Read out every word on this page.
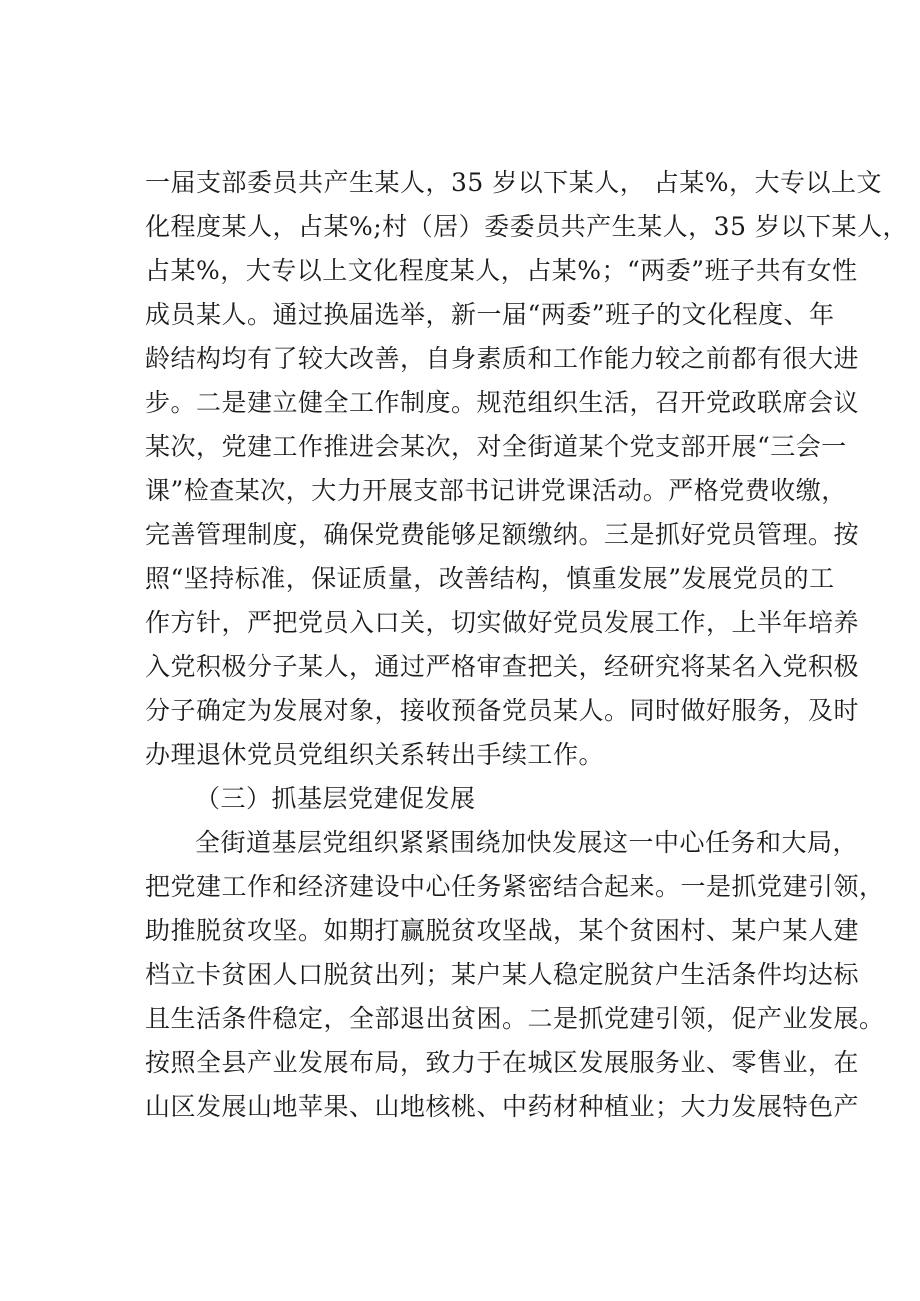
一届支部委员共产生某人，35 岁以下某人， 占某%，大专以上文
化程度某人，占某%;村（居）委委员共产生某人，35 岁以下某人，
占某%，大专以上文化程度某人，占某%；“两委”班子共有女性
成员某人。通过换届选举，新一届“两委”班子的文化程度、年
龄结构均有了较大改善，自身素质和工作能力较之前都有很大进
步。二是建立健全工作制度。规范组织生活，召开党政联席会议
某次，党建工作推进会某次，对全街道某个党支部开展“三会一
课”检查某次，大力开展支部书记讲党课活动。严格党费收缴，
完善管理制度，确保党费能够足额缴纳。三是抓好党员管理。按
照“坚持标准，保证质量，改善结构，慎重发展”发展党员的工
作方针，严把党员入口关，切实做好党员发展工作，上半年培养
入党积极分子某人，通过严格审查把关，经研究将某名入党积极
分子确定为发展对象，接收预备党员某人。同时做好服务，及时
办理退休党员党组织关系转出手续工作。
（三）抓基层党建促发展
全街道基层党组织紧紧围绕加快发展这一中心任务和大局，
把党建工作和经济建设中心任务紧密结合起来。一是抓党建引领，
助推脱贫攻坚。如期打赢脱贫攻坚战，某个贫困村、某户某人建
档立卡贫困人口脱贫出列；某户某人稳定脱贫户生活条件均达标
且生活条件稳定，全部退出贫困。二是抓党建引领，促产业发展。
按照全县产业发展布局，致力于在城区发展服务业、零售业，在
山区发展山地苹果、山地核桃、中药材种植业；大力发展特色产
